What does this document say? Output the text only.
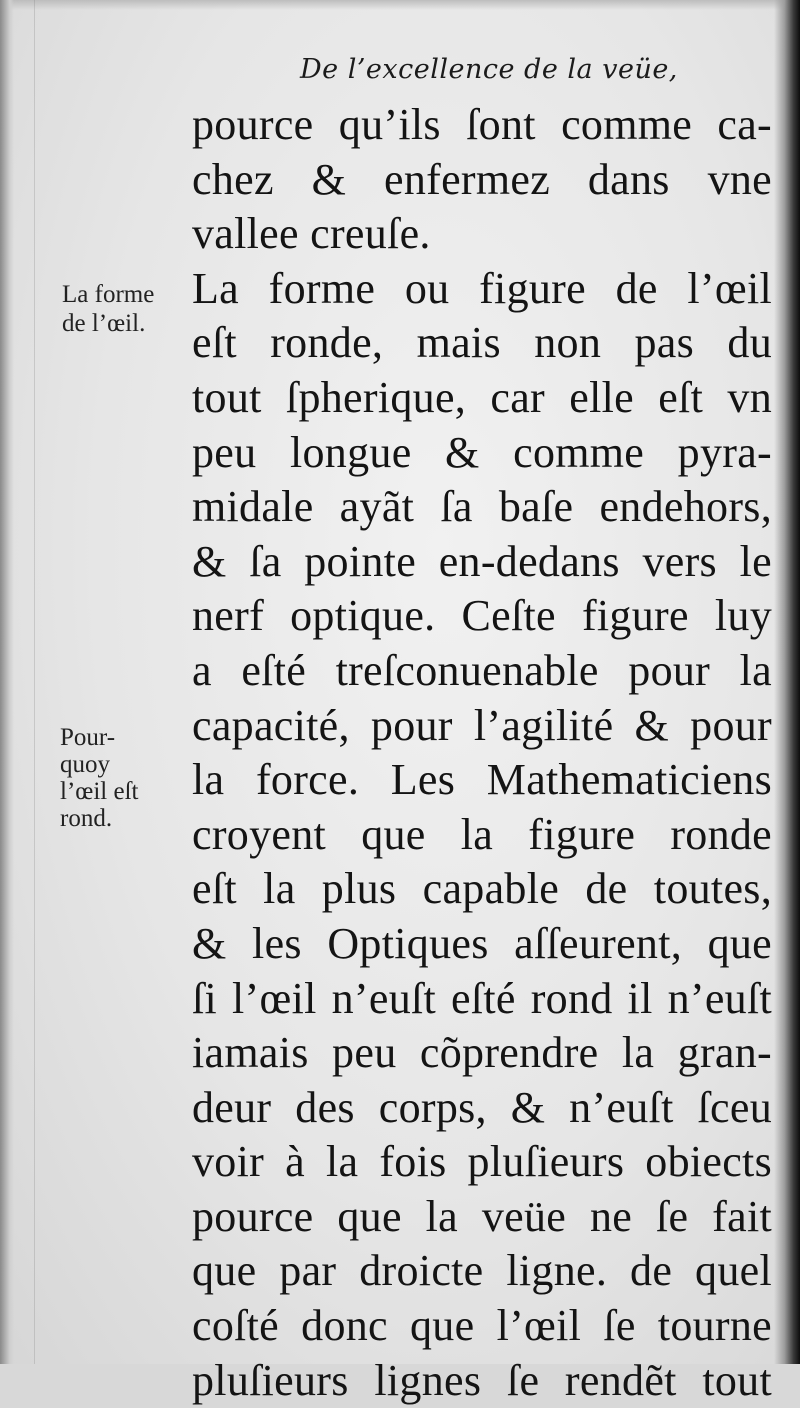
De l’excellence de la veüe,
La forme
de l’œil.
Pour-
quoy
l’œil eſt
rond.
pource qu’ils ſont comme ca-
chez & enfermez dans vne
vallee creuſe.
La forme ou figure de l’œil
eſt ronde, mais non pas du
tout ſpherique, car elle eſt vn
peu longue & comme pyra-
midale ayãt ſa baſe endehors,
& ſa pointe en-dedans vers le
nerf optique. Ceſte figure luy
a eſté treſconuenable pour la
capacité, pour l’agilité & pour
la force. Les Mathematiciens
croyent que la figure ronde
eſt la plus capable de toutes,
& les Optiques aſſeurent, que
ſi l’œil n’euſt eſté rond il n’euſt
iamais peu cõprendre la gran-
deur des corps, & n’euſt ſceu
voir à la fois pluſieurs obiects
pource que la veüe ne ſe fait
que par droicte ligne. de quel
coſté donc que l’œil ſe tourne
pluſieurs lignes ſe rendẽt tout
